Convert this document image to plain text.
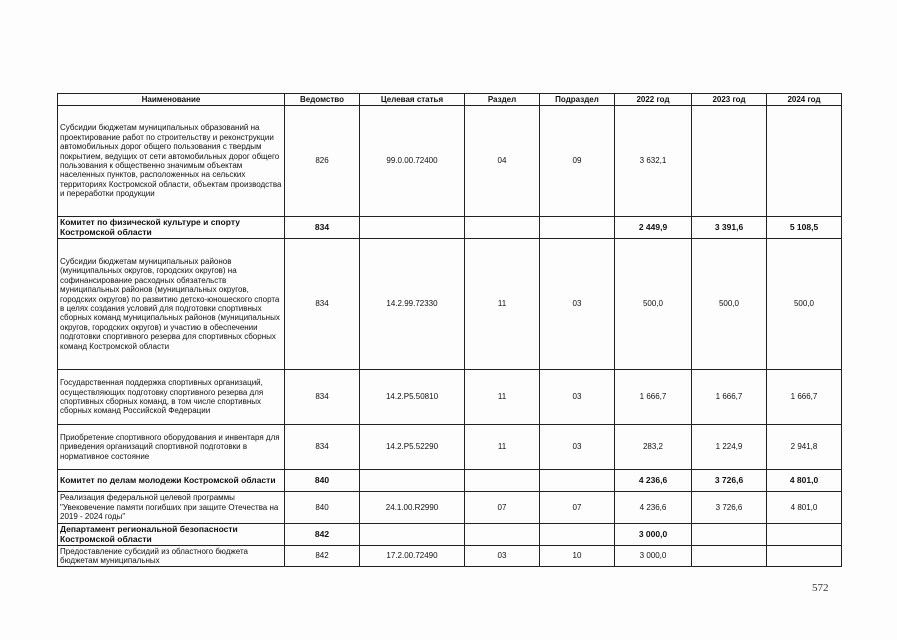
Наименование	Ведомство	Целевая статья	Раздел	Подраздел	2022 год	2023 год	2024 год
Субсидии бюджетам муниципальных образований на проектирование работ по строительству и реконструкции автомобильных дорог общего пользования с твердым покрытием, ведущих от сети автомобильных дорог общего пользования к общественно значимым объектам населенных пунктов, расположенных на сельских территориях Костромской области, объектам производства и переработки продукции	826	99.0.00.72400	04	09	3 632,1		
Комитет по физической культуре и спорту Костромской области	834				2 449,9	3 391,6	5 108,5
Субсидии бюджетам муниципальных районов (муниципальных округов, городских округов) на софинансирование расходных обязательств муниципальных районов (муниципальных округов, городских округов) по развитию детско-юношеского спорта в целях создания условий для подготовки спортивных сборных команд муниципальных районов (муниципальных округов, городских округов) и участию в обеспечении подготовки спортивного резерва для спортивных сборных команд Костромской области	834	14.2.99.72330	11	03	500,0	500,0	500,0
Государственная поддержка спортивных организаций, осуществляющих подготовку спортивного резерва для спортивных сборных команд, в том числе спортивных сборных команд Российской Федерации	834	14.2.P5.50810	11	03	1 666,7	1 666,7	1 666,7
Приобретение спортивного оборудования и инвентаря для приведения организаций спортивной подготовки в нормативное состояние	834	14.2.P5.52290	11	03	283,2	1 224,9	2 941,8
Комитет по делам молодежи Костромской области	840				4 236,6	3 726,6	4 801,0
Реализация федеральной целевой программы "Увековечение памяти погибших при защите Отечества на 2019 - 2024 годы"	840	24.1.00.R2990	07	07	4 236,6	3 726,6	4 801,0
Департамент региональной безопасности Костромской области	842				3 000,0		
Предоставление субсидий из областного бюджета бюджетам муниципальных	842	17.2.00.72490	03	10	3 000,0		
572
